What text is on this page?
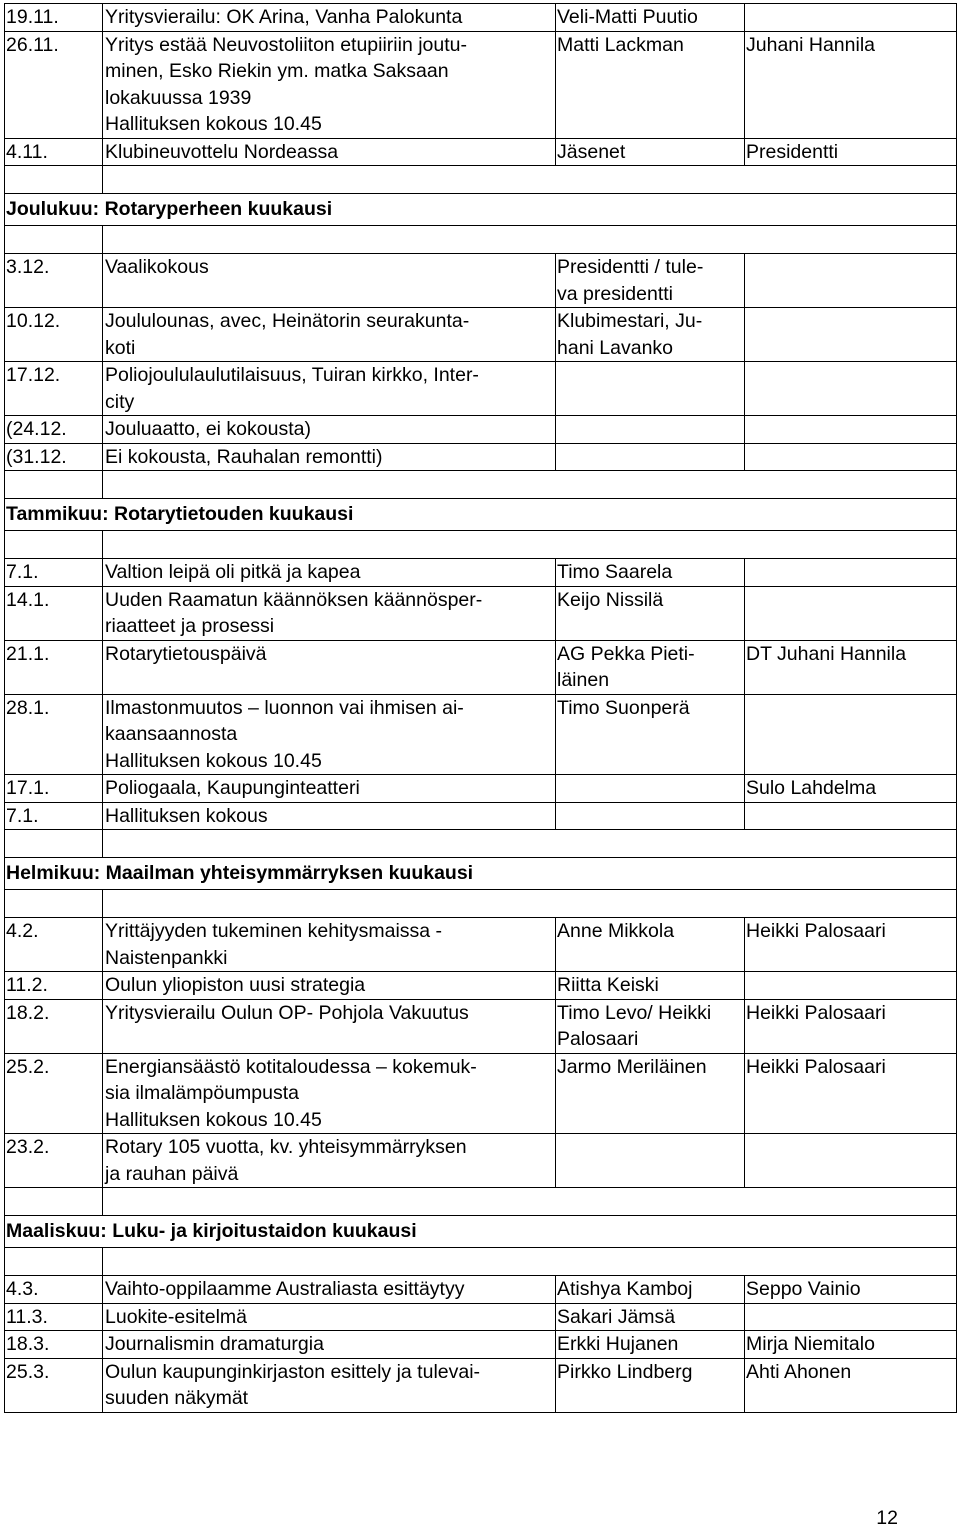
19.11.	Yritysvierailu: OK Arina, Vanha Palokunta	Veli-Matti Puutio	
26.11.	Yritys estää Neuvostoliiton etupiiriin joutu-
minen, Esko Riekin ym. matka Saksaan
lokakuussa 1939
Hallituksen kokous 10.45	Matti Lackman	Juhani Hannila
4.11.	Klubineuvottelu Nordeassa	Jäsenet	Presidentti

Joulukuu: Rotaryperheen kuukausi			

3.12.	Vaalikokous	Presidentti / tule-
va presidentti	
10.12.	Joululounas, avec, Heinätorin seurakunta-
koti	Klubimestari, Ju-
hani Lavanko	
17.12.	Poliojoululaulutilaisuus, Tuiran kirkko, Inter-
city		
(24.12.	Jouluaatto, ei kokousta)		
(31.12.	Ei kokousta, Rauhalan remontti)		

Tammikuu: Rotarytietouden kuukausi			

7.1.	Valtion leipä oli pitkä ja kapea	Timo Saarela	
14.1.	Uuden Raamatun käännöksen käännösper-
riaatteet ja prosessi	Keijo Nissilä	
21.1.	Rotarytietouspäivä	AG Pekka Pieti-
läinen	DT Juhani Hannila
28.1.	Ilmastonmuutos – luonnon vai ihmisen ai-
kaansaannosta
Hallituksen kokous 10.45	Timo Suonperä	
17.1.	Poliogaala, Kaupunginteatteri		Sulo Lahdelma
7.1.	Hallituksen kokous		

Helmikuu: Maailman yhteisymmärryksen kuukausi			

4.2.	Yrittäjyyden tukeminen kehitysmaissa -
Naistenpankki	Anne Mikkola	Heikki Palosaari
11.2.	Oulun yliopiston uusi strategia	Riitta Keiski	
18.2.	Yritysvierailu Oulun OP- Pohjola Vakuutus	Timo Levo/ Heikki
Palosaari	Heikki Palosaari
25.2.	Energiansäästö kotitaloudessa – kokemuk-
sia ilmalämpöumpusta
Hallituksen kokous 10.45	Jarmo Meriläinen	Heikki Palosaari
23.2.	Rotary 105 vuotta, kv. yhteisymmärryksen
ja rauhan päivä		

Maaliskuu: Luku- ja kirjoitustaidon kuukausi			

4.3.	Vaihto-oppilaamme Australiasta esittäytyy	Atishya Kamboj	Seppo Vainio
11.3.	Luokite-esitelmä	Sakari Jämsä	
18.3.	Journalismin dramaturgia	Erkki Hujanen	Mirja Niemitalo
25.3.	Oulun kaupunginkirjaston esittely ja tulevai-
suuden näkymät	Pirkko Lindberg	Ahti Ahonen
12
